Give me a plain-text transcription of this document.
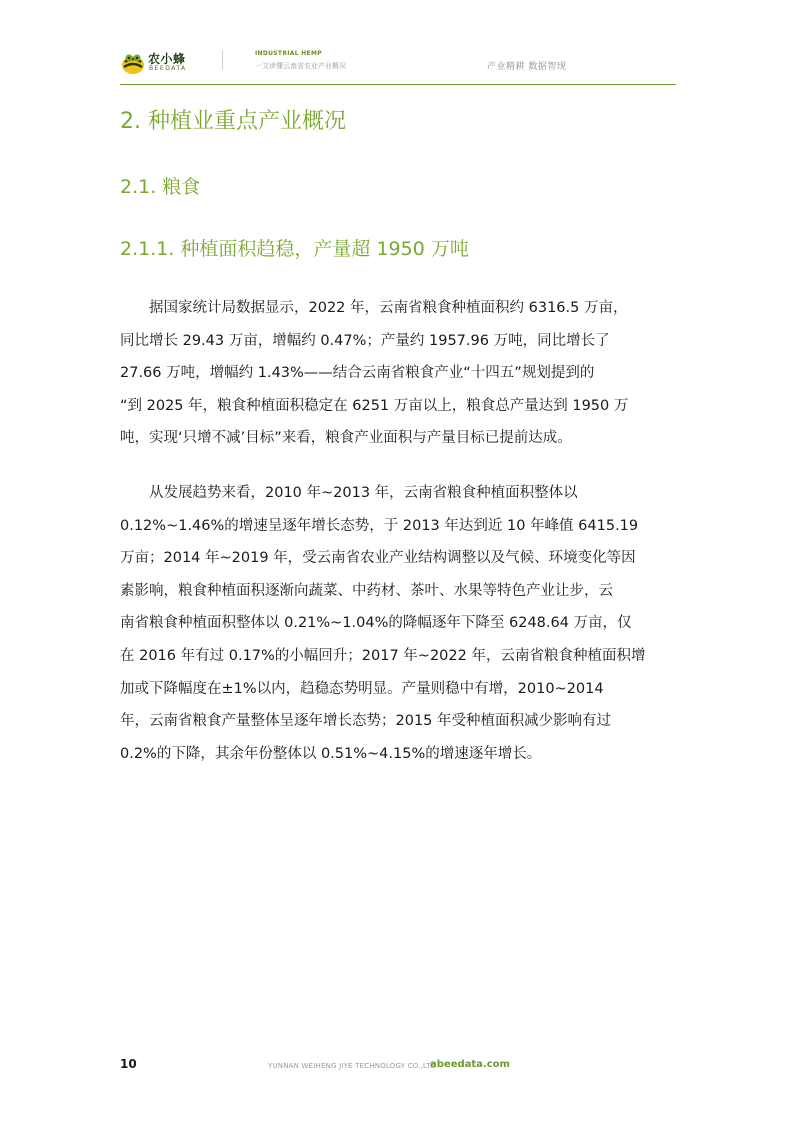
农小蜂
BEEDATA
INDUSTRIAL HEMP
一文读懂云南省农业产业概况	产业精耕 数据智现
2. 种植业重点产业概况
2.1. 粮食
2.1.1. 种植面积趋稳，产量超 1950 万吨

　　据国家统计局数据显示，2022 年，云南省粮食种植面积约 6316.5 万亩，
同比增长 29.43 万亩，增幅约 0.47%；产量约 1957.96 万吨，同比增长了
27.66 万吨，增幅约 1.43%——结合云南省粮食产业“十四五”规划提到的
“到 2025 年，粮食种植面积稳定在 6251 万亩以上，粮食总产量达到 1950 万
吨，实现‘只增不减’目标”来看，粮食产业面积与产量目标已提前达成。

　　从发展趋势来看，2010 年~2013 年，云南省粮食种植面积整体以
0.12%~1.46%的增速呈逐年增长态势，于 2013 年达到近 10 年峰值 6415.19
万亩；2014 年~2019 年，受云南省农业产业结构调整以及气候、环境变化等因
素影响，粮食种植面积逐渐向蔬菜、中药材、茶叶、水果等特色产业让步，云
南省粮食种植面积整体以 0.21%~1.04%的降幅逐年下降至 6248.64 万亩，仅
在 2016 年有过 0.17%的小幅回升；2017 年~2022 年，云南省粮食种植面积增
加或下降幅度在±1%以内，趋稳态势明显。产量则稳中有增，2010~2014
年，云南省粮食产量整体呈逐年增长态势；2015 年受种植面积减少影响有过
0.2%的下降，其余年份整体以 0.51%~4.15%的增速逐年增长。

10	YUNNAN WEIHENG JIYE TECHNOLOGY CO.,LTD.
abeedata.com
